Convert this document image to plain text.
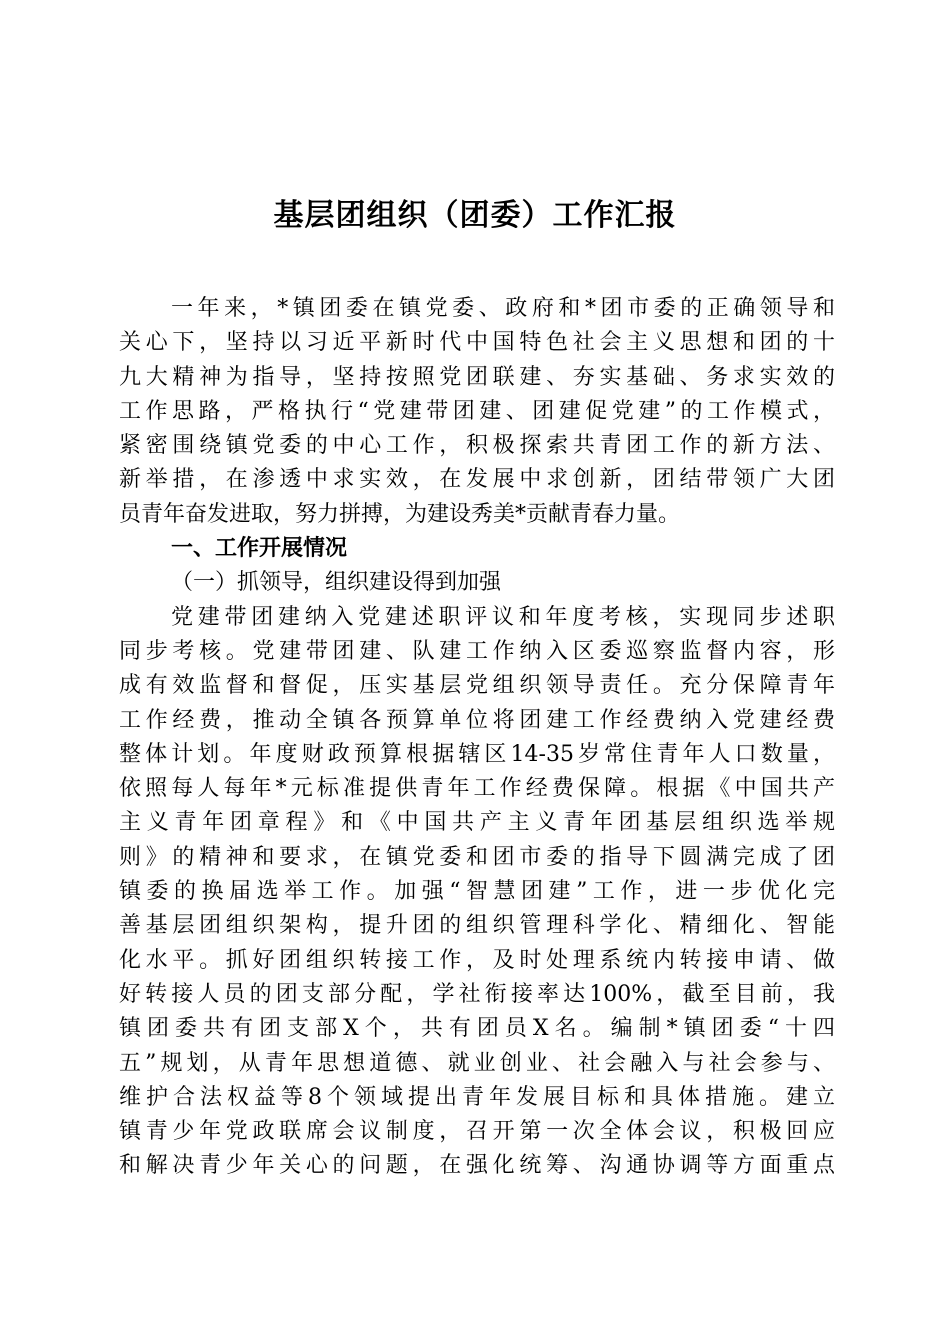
基层团组织（团委）工作汇报
一年来，*镇团委在镇党委、政府和*团市委的正确领导和
关心下，坚持以习近平新时代中国特色社会主义思想和团的十
九大精神为指导，坚持按照党团联建、夯实基础、务求实效的
工作思路，严格执行“党建带团建、团建促党建”的工作模式，
紧密围绕镇党委的中心工作，积极探索共青团工作的新方法、
新举措，在渗透中求实效，在发展中求创新，团结带领广大团
员青年奋发进取，努力拼搏，为建设秀美*贡献青春力量。
一、工作开展情况
（一）抓领导，组织建设得到加强
党建带团建纳入党建述职评议和年度考核，实现同步述职
同步考核。党建带团建、队建工作纳入区委巡察监督内容，形
成有效监督和督促，压实基层党组织领导责任。充分保障青年
工作经费，推动全镇各预算单位将团建工作经费纳入党建经费
整体计划。年度财政预算根据辖区14-35岁常住青年人口数量，
依照每人每年*元标准提供青年工作经费保障。根据《中国共产
主义青年团章程》和《中国共产主义青年团基层组织选举规
则》的精神和要求，在镇党委和团市委的指导下圆满完成了团
镇委的换届选举工作。加强“智慧团建”工作，进一步优化完
善基层团组织架构，提升团的组织管理科学化、精细化、智能
化水平。抓好团组织转接工作，及时处理系统内转接申请、做
好转接人员的团支部分配，学社衔接率达100%，截至目前，我
镇团委共有团支部X个，共有团员X名。编制*镇团委“十四
五”规划，从青年思想道德、就业创业、社会融入与社会参与、
维护合法权益等8个领域提出青年发展目标和具体措施。建立
镇青少年党政联席会议制度，召开第一次全体会议，积极回应
和解决青少年关心的问题，在强化统筹、沟通协调等方面重点
